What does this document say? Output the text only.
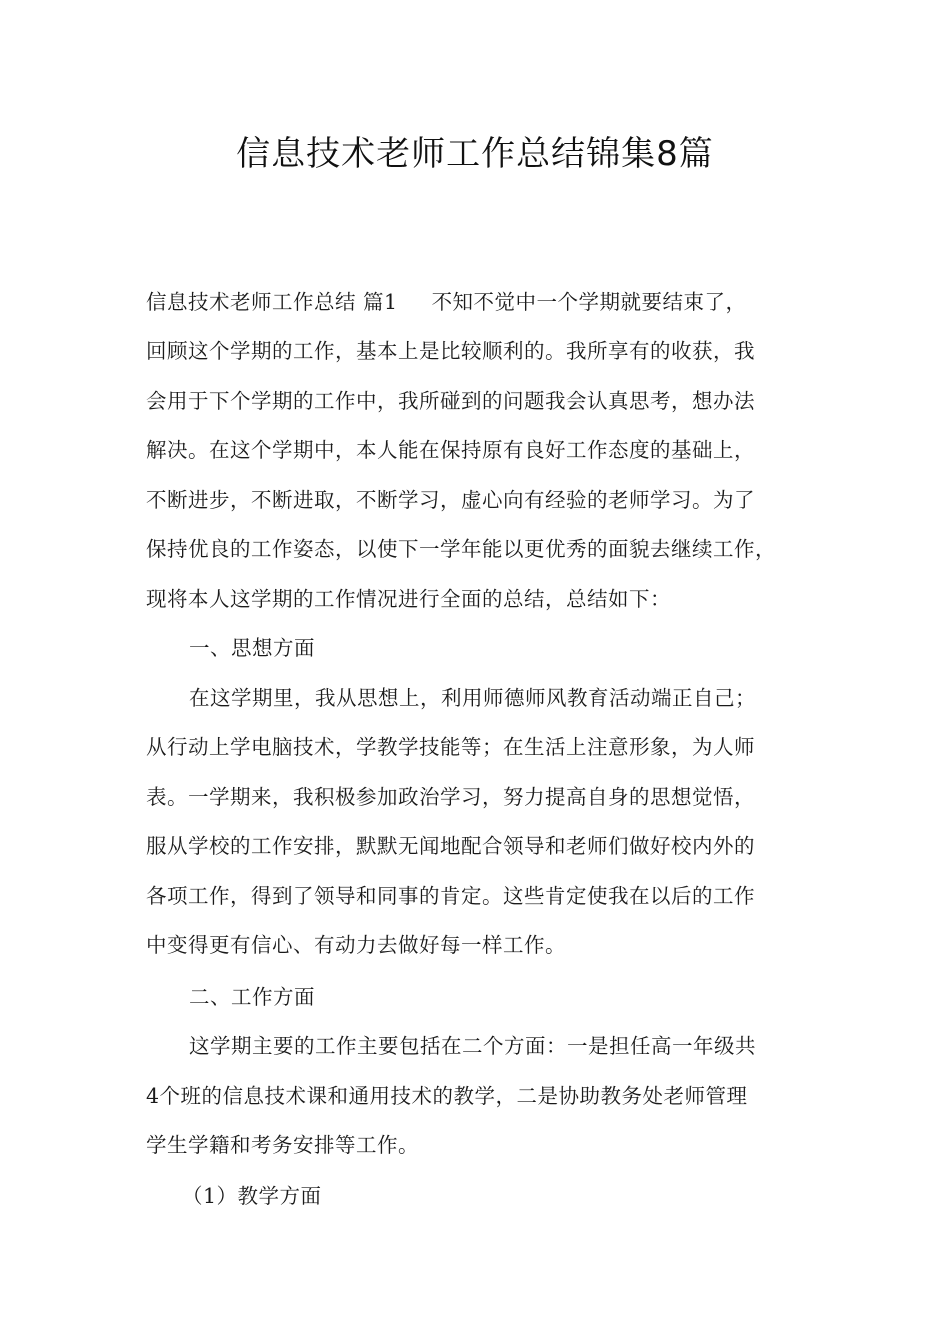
信息技术老师工作总结锦集8篇

信息技术老师工作总结 篇1 不知不觉中一个学期就要结束了，

回顾这个学期的工作，基本上是比较顺利的。我所享有的收获，我

会用于下个学期的工作中，我所碰到的问题我会认真思考，想办法

解决。在这个学期中，本人能在保持原有良好工作态度的基础上，

不断进步，不断进取，不断学习，虚心向有经验的老师学习。为了

保持优良的工作姿态，以使下一学年能以更优秀的面貌去继续工作，

现将本人这学期的工作情况进行全面的总结，总结如下：

一、思想方面

在这学期里，我从思想上，利用师德师风教育活动端正自己；

从行动上学电脑技术，学教学技能等；在生活上注意形象，为人师

表。一学期来，我积极参加政治学习，努力提高自身的思想觉悟，

服从学校的工作安排，默默无闻地配合领导和老师们做好校内外的

各项工作，得到了领导和同事的肯定。这些肯定使我在以后的工作

中变得更有信心、有动力去做好每一样工作。

二、工作方面

这学期主要的工作主要包括在二个方面：一是担任高一年级共

4个班的信息技术课和通用技术的教学，二是协助教务处老师管理

学生学籍和考务安排等工作。

（1）教学方面
